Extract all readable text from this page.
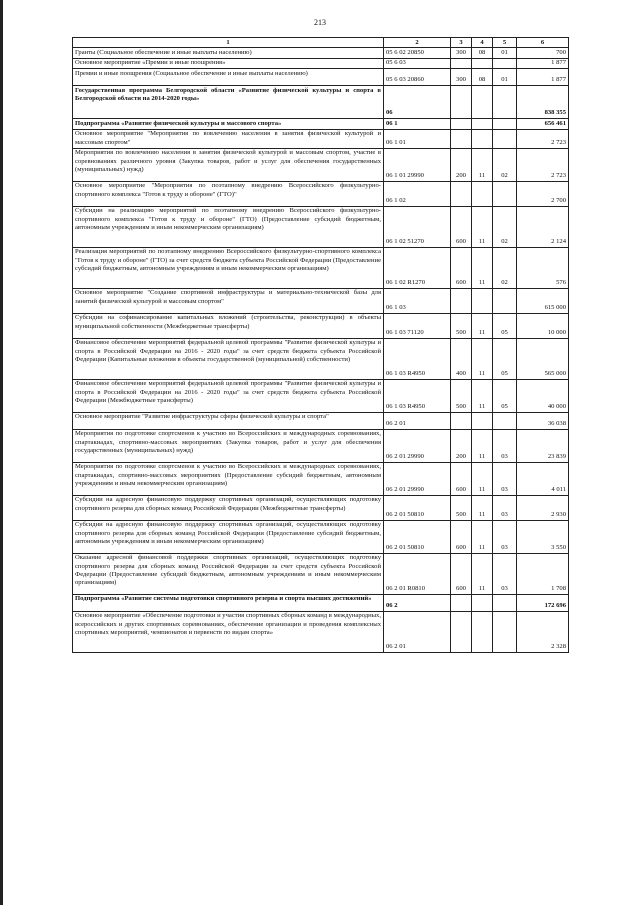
213
1	2	3	4	5	6
Гранты (Социальное обеспечение и иные выплаты населению)	05 6 02 20850	300	08	01	700
Основное мероприятие «Премии и иные поощрения»	05 6 03				1 877
Премии и иные поощрения (Социальное обеспечение и иные выплаты населению)	05 6 03 20860	300	08	01	1 877
Государственная программа Белгородской области «Развитие физической культуры и спорта в Белгородской области на 2014-2020 годы»	06				838 355
Подпрограмма «Развитие физической культуры и массового спорта»	06 1				656 461
Основное мероприятие "Мероприятия по вовлечению населения в занятия физической культурой и массовым спортом"	06 1 01				2 723
Мероприятия по вовлечению населения в занятия физической культурой и массовым спортом, участие в соревнованиях различного уровня (Закупка товаров, работ и услуг для обеспечения государственных (муниципальных) нужд)	06 1 01 29990	200	11	02	2 723
Основное мероприятие "Мероприятия по поэтапному внедрению Всероссийского физкультурно-спортивного комплекса "Готов к труду и обороне" (ГТО)"	06 1 02				2 700
Субсидии на реализацию мероприятий по поэтапному внедрению Всероссийского физкультурно-спортивного комплекса "Готов к труду и обороне" (ГТО) (Предоставление субсидий бюджетным, автономным учреждениям и иным некоммерческим организациям)	06 1 02 51270	600	11	02	2 124
Реализация мероприятий по поэтапному внедрению Всероссийского физкультурно-спортивного комплекса "Готов к труду и обороне" (ГТО) за счет средств бюджета субъекта Российской Федерации (Предоставление субсидий бюджетным, автономным учреждениям и иным некоммерческим организациям)	06 1 02 R1270	600	11	02	576
Основное мероприятие "Создание спортивной инфраструктуры и материально-технической базы для занятий физической культурой и массовым спортом"	06 1 03				615 000
Субсидии на софинансирование капитальных вложений (строительства, реконструкции) в объекты муниципальной собственности (Межбюджетные трансферты)	06 1 03 71120	500	11	05	10 000
Финансовое обеспечение мероприятий федеральной целевой программы "Развитие физической культуры и спорта в Российской Федерации на 2016 - 2020 годы" за счет средств бюджета субъекта Российской Федерации (Капитальные вложения в объекты государственной (муниципальной) собственности)	06 1 03 R4950	400	11	05	565 000
Финансовое обеспечение мероприятий федеральной целевой программы "Развитие физической культуры и спорта в Российской Федерации на 2016 - 2020 годы" за счет средств бюджета субъекта Российской Федерации (Межбюджетные трансферты)	06 1 03 R4950	500	11	05	40 000
Основное мероприятие "Развитие инфраструктуры сферы физической культуры и спорта"	06 2 01				36 038
Мероприятия по подготовке спортсменов к участию во Всероссийских и международных соревнованиях, спартакиадах, спортивно-массовых мероприятиях (Закупка товаров, работ и услуг для обеспечения государственных (муниципальных) нужд)	06 2 01 29990	200	11	03	23 839
Мероприятия по подготовке спортсменов к участию во Всероссийских и международных соревнованиях, спартакиадах, спортивно-массовых мероприятиях (Предоставление субсидий бюджетным, автономным учреждениям и иным некоммерческим организациям)	06 2 01 29990	600	11	03	4 011
Субсидии на адресную финансовую поддержку спортивных организаций, осуществляющих подготовку спортивного резерва для сборных команд Российской Федерации (Межбюджетные трансферты)	06 2 01 50810	500	11	03	2 930
Субсидии на адресную финансовую поддержку спортивных организаций, осуществляющих подготовку спортивного резерва для сборных команд Российской Федерации (Предоставление субсидий бюджетным, автономным учреждениям и иным некоммерческим организациям)	06 2 01 50810	600	11	03	3 550
Оказание адресной финансовой поддержки спортивных организаций, осуществляющих подготовку спортивного резерва для сборных команд Российской Федерации за счет средств субъекта Российской Федерации (Предоставление субсидий бюджетным, автономным учреждениям и иным некоммерческим организациям)	06 2 01 R0810	600	11	03	1 708
Подпрограмма «Развитие системы подготовки спортивного резерва и спорта высших достижений»	06 2				172 696
Основное мероприятие «Обеспечение подготовки и участия спортивных сборных команд в международных, всероссийских и других спортивных соревнованиях, обеспечение организации и проведения комплексных спортивных мероприятий, чемпионатов и первенств по видам спорта»	06 2 01				2 328
